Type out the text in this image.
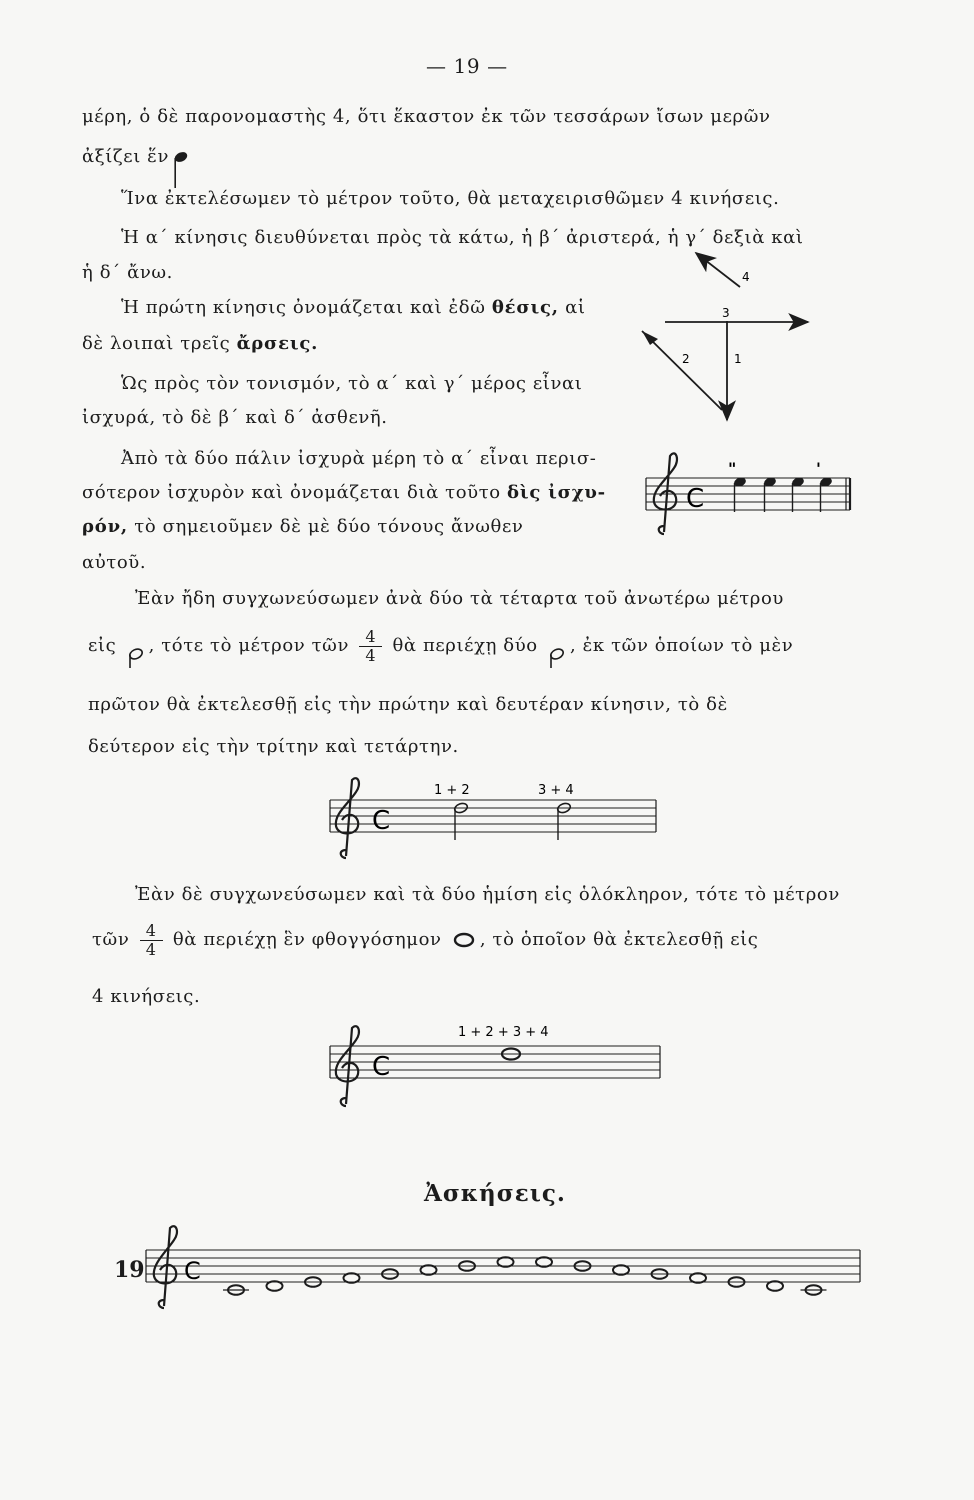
— 19 —
μέρη, ὁ δὲ παρονομαστὴς 4, ὅτι ἕκαστον ἐκ τῶν τεσσάρων ἴσων μερῶν
ἀξίζει ἕν
Ἵνα ἐκτελέσωμεν τὸ μέτρον τοῦτο, θὰ μεταχειρισθῶμεν 4 κινήσεις.
Ἡ α΄ κίνησις διευθύνεται πρὸς τὰ κάτω, ἡ β΄ ἀριστερά, ἡ γ΄ δεξιὰ καὶ
ἡ δ΄ ἄνω.
Ἡ πρώτη κίνησις ὀνομάζεται καὶ ἐδῶ θέσις, αἱ
δὲ λοιπαὶ τρεῖς ἄρσεις.
Ὡς πρὸς τὸν τονισμόν, τὸ α΄ καὶ γ΄ μέρος εἶναι
ἰσχυρά, τὸ δὲ β΄ καὶ δ΄ ἀσθενῆ.
1
2
3
4
Ἀπὸ τὰ δύο πάλιν ἰσχυρὰ μέρη τὸ α΄ εἶναι περισ-
σότερον ἰσχυρὸν καὶ ὀνομάζεται διὰ τοῦτο δὶς ἰσχυ-
ρόν, τὸ σημειοῦμεν δὲ μὲ δύο τόνους ἄνωθεν
αὐτοῦ.
C
"	'
Ἐὰν ἤδη συγχωνεύσωμεν ἀνὰ δύο τὰ τέταρτα τοῦ ἀνωτέρω μέτρου
εἰς , τότε τὸ μέτρον τῶν $\frac{4}{4}$ θὰ περιέχῃ δύο , ἐκ τῶν ὁποίων τὸ μὲν
πρῶτον θὰ ἐκτελεσθῇ εἰς τὴν πρώτην καὶ δευτέραν κίνησιν, τὸ δὲ
δεύτερον εἰς τὴν τρίτην καὶ τετάρτην.
C
1 + 2	3 + 4
Ἐὰν δὲ συγχωνεύσωμεν καὶ τὰ δύο ἡμίση εἰς ὁλόκληρον, τότε τὸ μέτρον
τῶν $\frac{4}{4}$ θὰ περιέχῃ ἓν φθογγόσημον , τὸ ὁποῖον θὰ ἐκτελεσθῇ εἰς
4 κινήσεις.
C
1 + 2 + 3 + 4
Ἀσκήσεις.
19 C
